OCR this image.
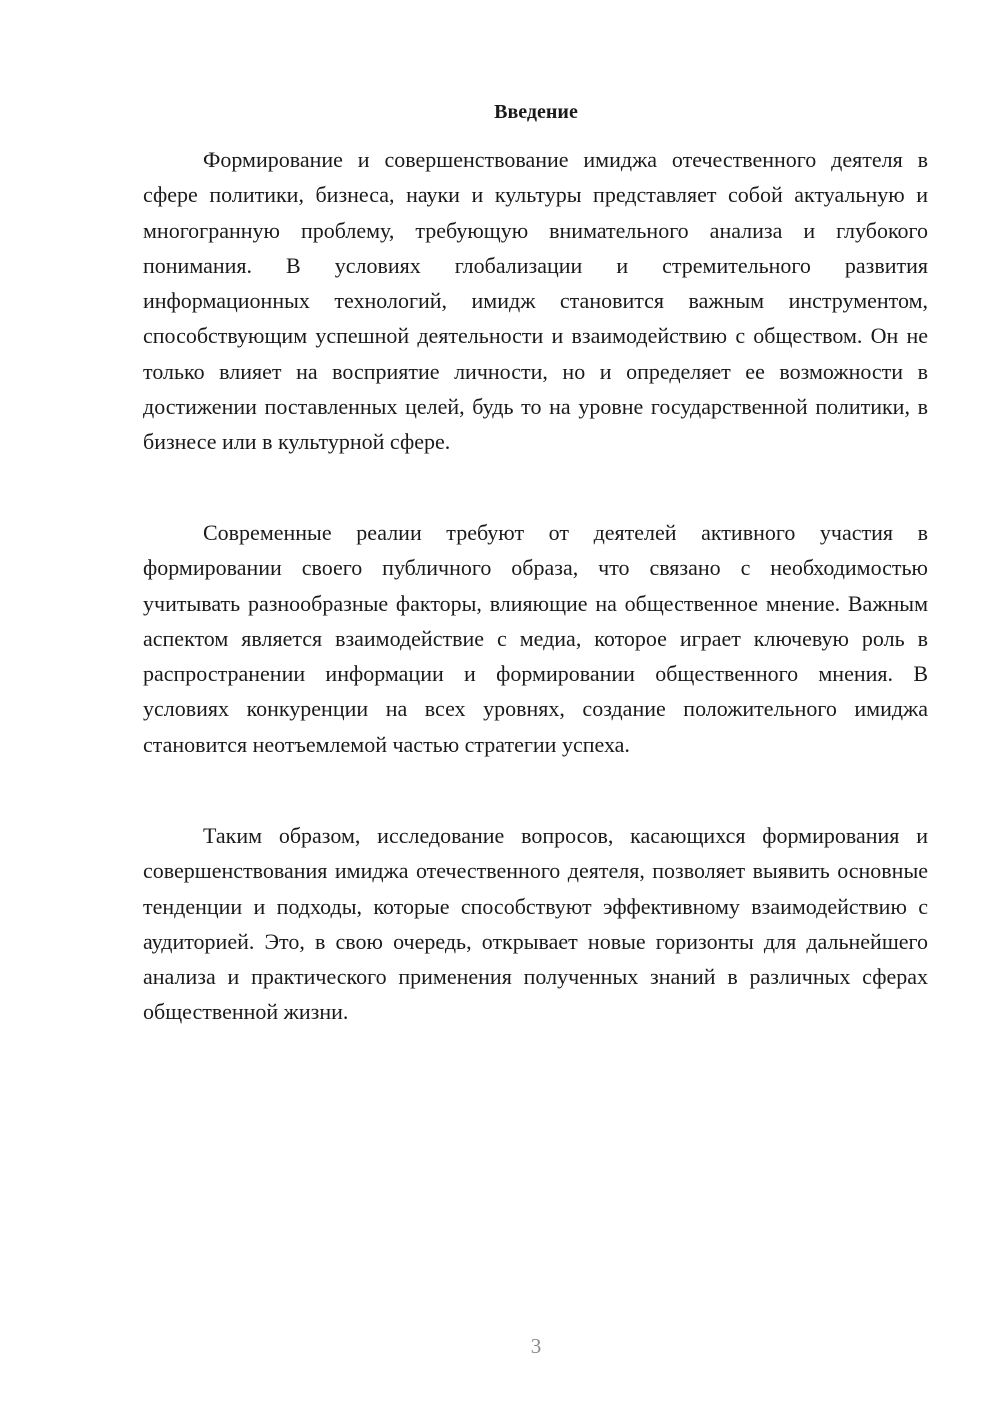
Введение

Формирование и совершенствование имиджа отечественного деятеля в сфере политики, бизнеса, науки и культуры представляет собой актуальную и многогранную проблему, требующую внимательного анализа и глубокого понимания. В условиях глобализации и стремительного развития информационных технологий, имидж становится важным инструментом, способствующим успешной деятельности и взаимодействию с обществом. Он не только влияет на восприятие личности, но и определяет ее возможности в достижении поставленных целей, будь то на уровне государственной политики, в бизнесе или в культурной сфере.

Современные реалии требуют от деятелей активного участия в формировании своего публичного образа, что связано с необходимостью учитывать разнообразные факторы, влияющие на общественное мнение. Важным аспектом является взаимодействие с медиа, которое играет ключевую роль в распространении информации и формировании общественного мнения. В условиях конкуренции на всех уровнях, создание положительного имиджа становится неотъемлемой частью стратегии успеха.

Таким образом, исследование вопросов, касающихся формирования и совершенствования имиджа отечественного деятеля, позволяет выявить основные тенденции и подходы, которые способствуют эффективному взаимодействию с аудиторией. Это, в свою очередь, открывает новые горизонты для дальнейшего анализа и практического применения полученных знаний в различных сферах общественной жизни.

3
